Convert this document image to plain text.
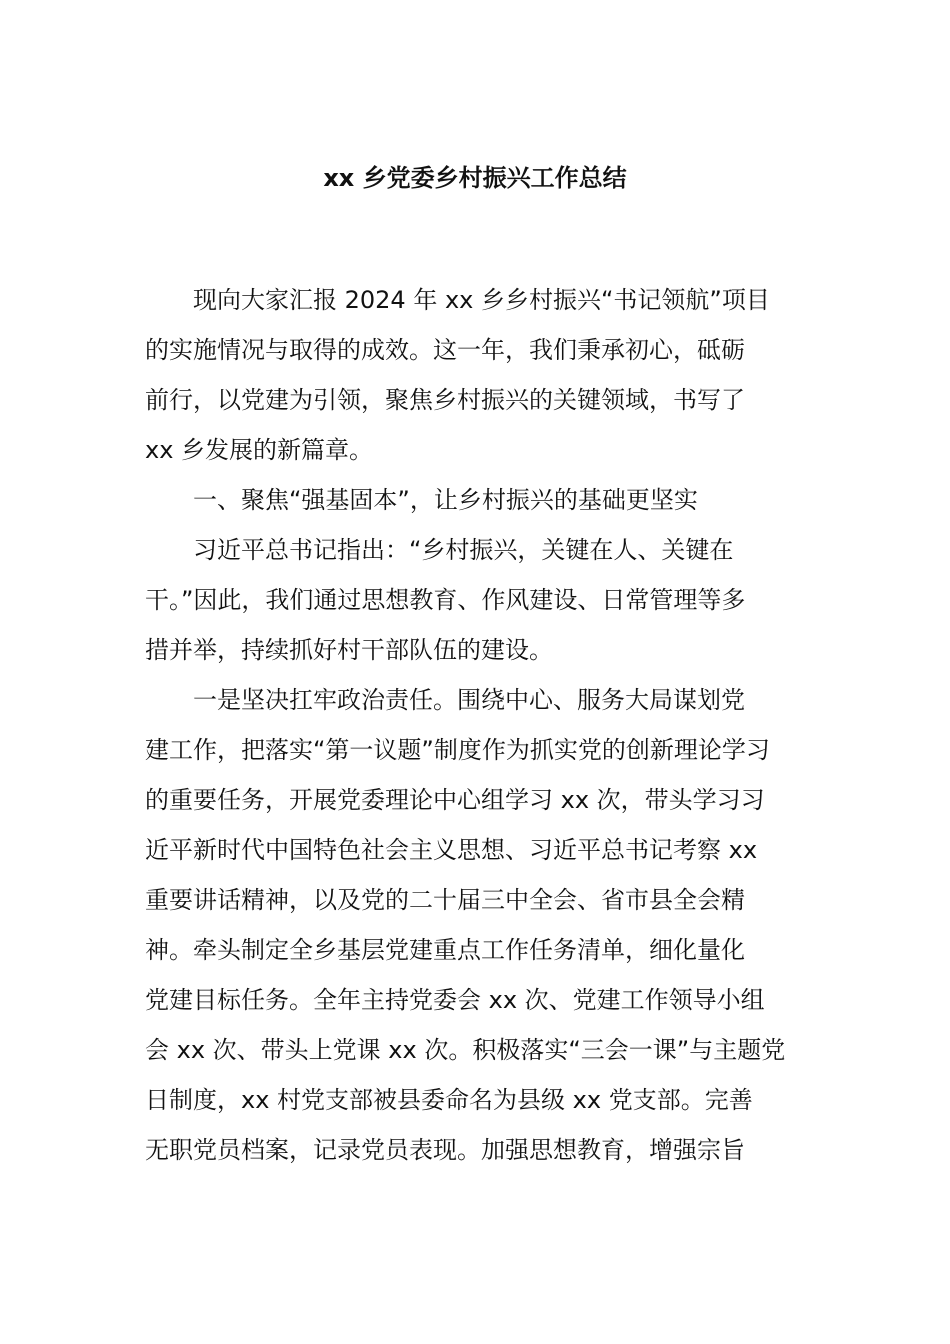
xx 乡党委乡村振兴工作总结

现向大家汇报 2024 年 xx 乡乡村振兴“书记领航”项目

的实施情况与取得的成效。这一年，我们秉承初心，砥砺

前行，以党建为引领，聚焦乡村振兴的关键领域，书写了

xx 乡发展的新篇章。

一、聚焦“强基固本”，让乡村振兴的基础更坚实

习近平总书记指出：“乡村振兴，关键在人、关键在

干。”因此，我们通过思想教育、作风建设、日常管理等多

措并举，持续抓好村干部队伍的建设。

一是坚决扛牢政治责任。围绕中心、服务大局谋划党

建工作，把落实“第一议题”制度作为抓实党的创新理论学习

的重要任务，开展党委理论中心组学习 xx 次，带头学习习

近平新时代中国特色社会主义思想、习近平总书记考察 xx

重要讲话精神，以及党的二十届三中全会、省市县全会精

神。牵头制定全乡基层党建重点工作任务清单，细化量化

党建目标任务。全年主持党委会 xx 次、党建工作领导小组

会 xx 次、带头上党课 xx 次。积极落实“三会一课”与主题党

日制度，xx 村党支部被县委命名为县级 xx 党支部。完善

无职党员档案，记录党员表现。加强思想教育，增强宗旨
